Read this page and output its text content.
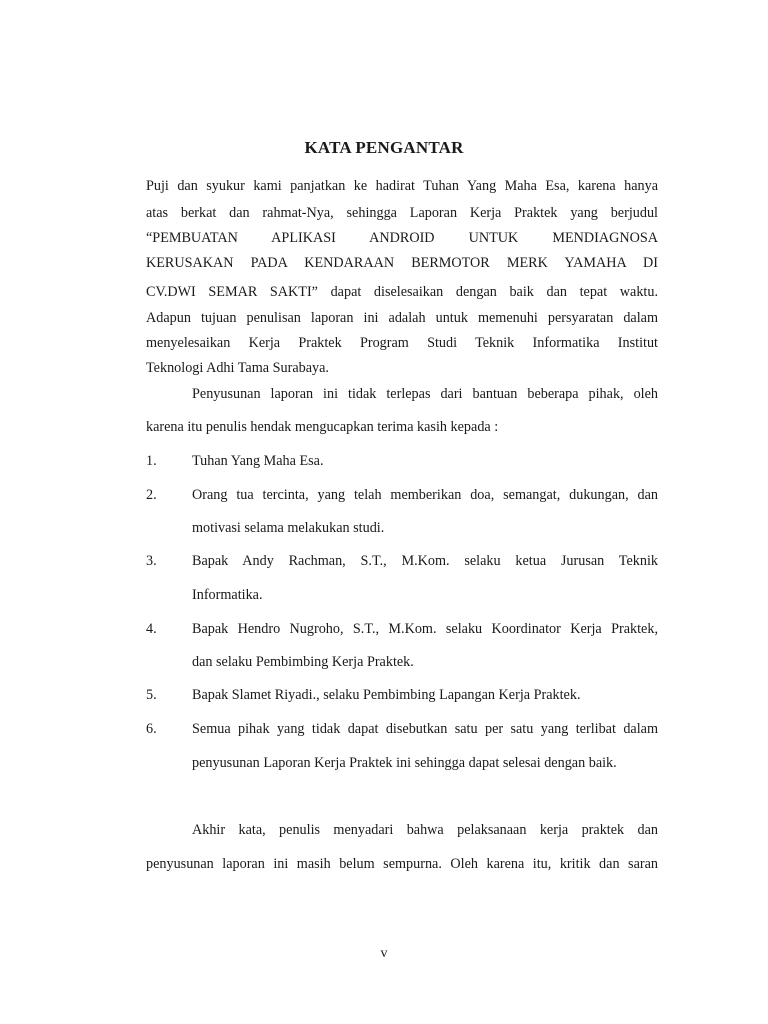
KATA PENGANTAR
Puji dan syukur kami panjatkan ke hadirat Tuhan Yang Maha Esa, karena hanya
atas berkat dan rahmat-Nya, sehingga Laporan Kerja Praktek yang berjudul
“PEMBUATAN APLIKASI ANDROID UNTUK MENDIAGNOSA
KERUSAKAN PADA KENDARAAN BERMOTOR MERK YAMAHA DI
CV.DWI SEMAR SAKTI” dapat diselesaikan dengan baik dan tepat waktu.
Adapun tujuan penulisan laporan ini adalah untuk memenuhi persyaratan dalam
menyelesaikan Kerja Praktek Program Studi Teknik Informatika Institut
Teknologi Adhi Tama Surabaya.
Penyusunan laporan ini tidak terlepas dari bantuan beberapa pihak, oleh
karena itu penulis hendak mengucapkan terima kasih kepada :
1. Tuhan Yang Maha Esa.
2. Orang tua tercinta, yang telah memberikan doa, semangat, dukungan, dan
motivasi selama melakukan studi.
3. Bapak Andy Rachman, S.T., M.Kom. selaku ketua Jurusan Teknik
Informatika.
4. Bapak Hendro Nugroho, S.T., M.Kom. selaku Koordinator Kerja Praktek,
dan selaku Pembimbing Kerja Praktek.
5. Bapak Slamet Riyadi., selaku Pembimbing Lapangan Kerja Praktek.
6. Semua pihak yang tidak dapat disebutkan satu per satu yang terlibat dalam
penyusunan Laporan Kerja Praktek ini sehingga dapat selesai dengan baik.
Akhir kata, penulis menyadari bahwa pelaksanaan kerja praktek dan
penyusunan laporan ini masih belum sempurna. Oleh karena itu, kritik dan saran
v
